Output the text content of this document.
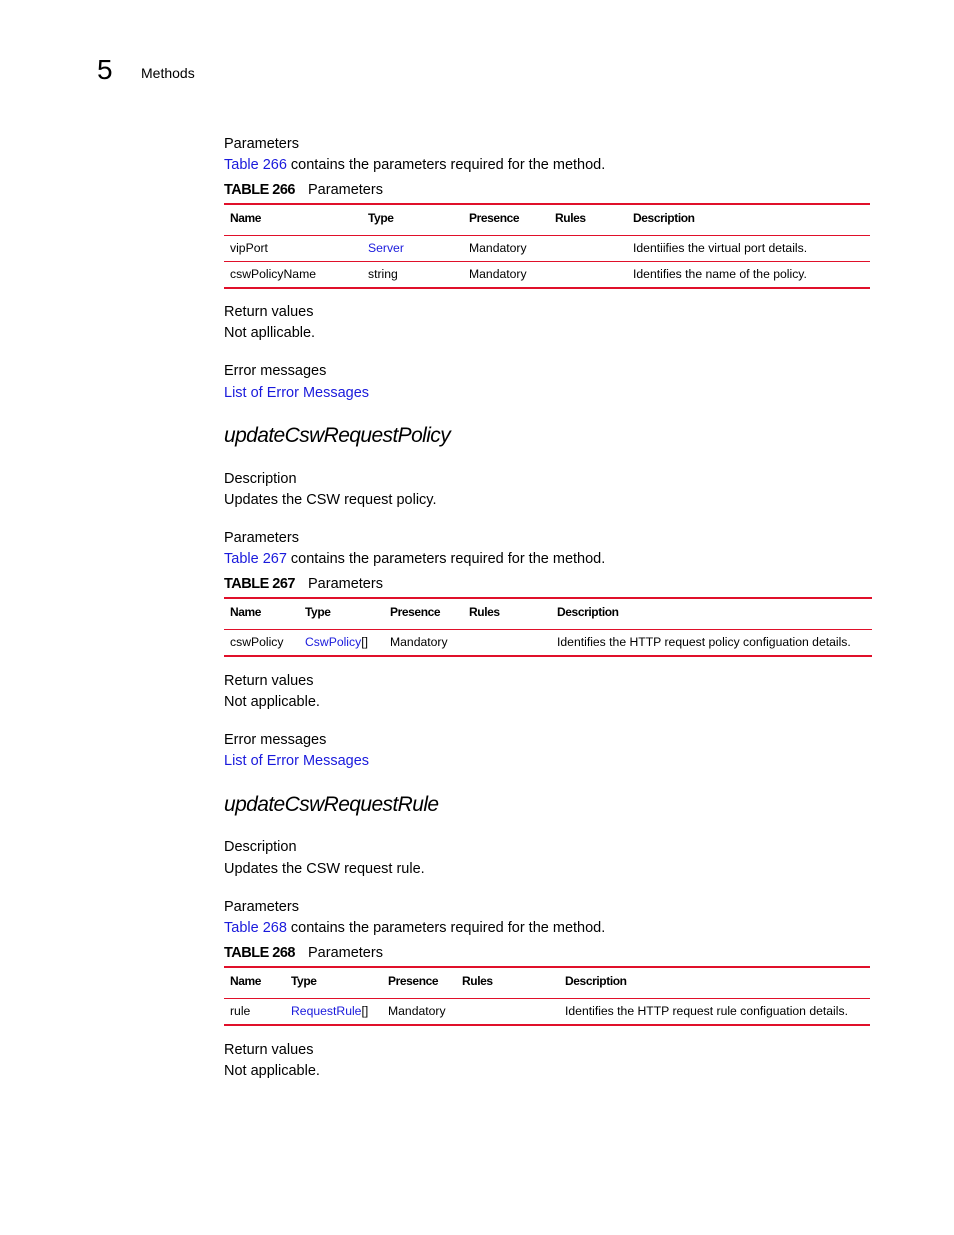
5 Methods
Parameters
Table 266 contains the parameters required for the method.
TABLE 266 Parameters
Name	Type	Presence	Rules	Description
vipPort	Server	Mandatory		Identiifies the virtual port details.
cswPolicyName	string	Mandatory		Identifies the name of the policy.
Return values
Not apllicable.
Error messages
List of Error Messages
updateCswRequestPolicy
Description
Updates the CSW request policy.
Parameters
Table 267 contains the parameters required for the method.
TABLE 267 Parameters
Name	Type	Presence	Rules	Description
cswPolicy	CswPolicy[]	Mandatory		Identifies the HTTP request policy configuation details.
Return values
Not applicable.
Error messages
List of Error Messages
updateCswRequestRule
Description
Updates the CSW request rule.
Parameters
Table 268 contains the parameters required for the method.
TABLE 268 Parameters
Name	Type	Presence	Rules	Description
rule	RequestRule[]	Mandatory		Identifies the HTTP request rule configuation details.
Return values
Not applicable.
